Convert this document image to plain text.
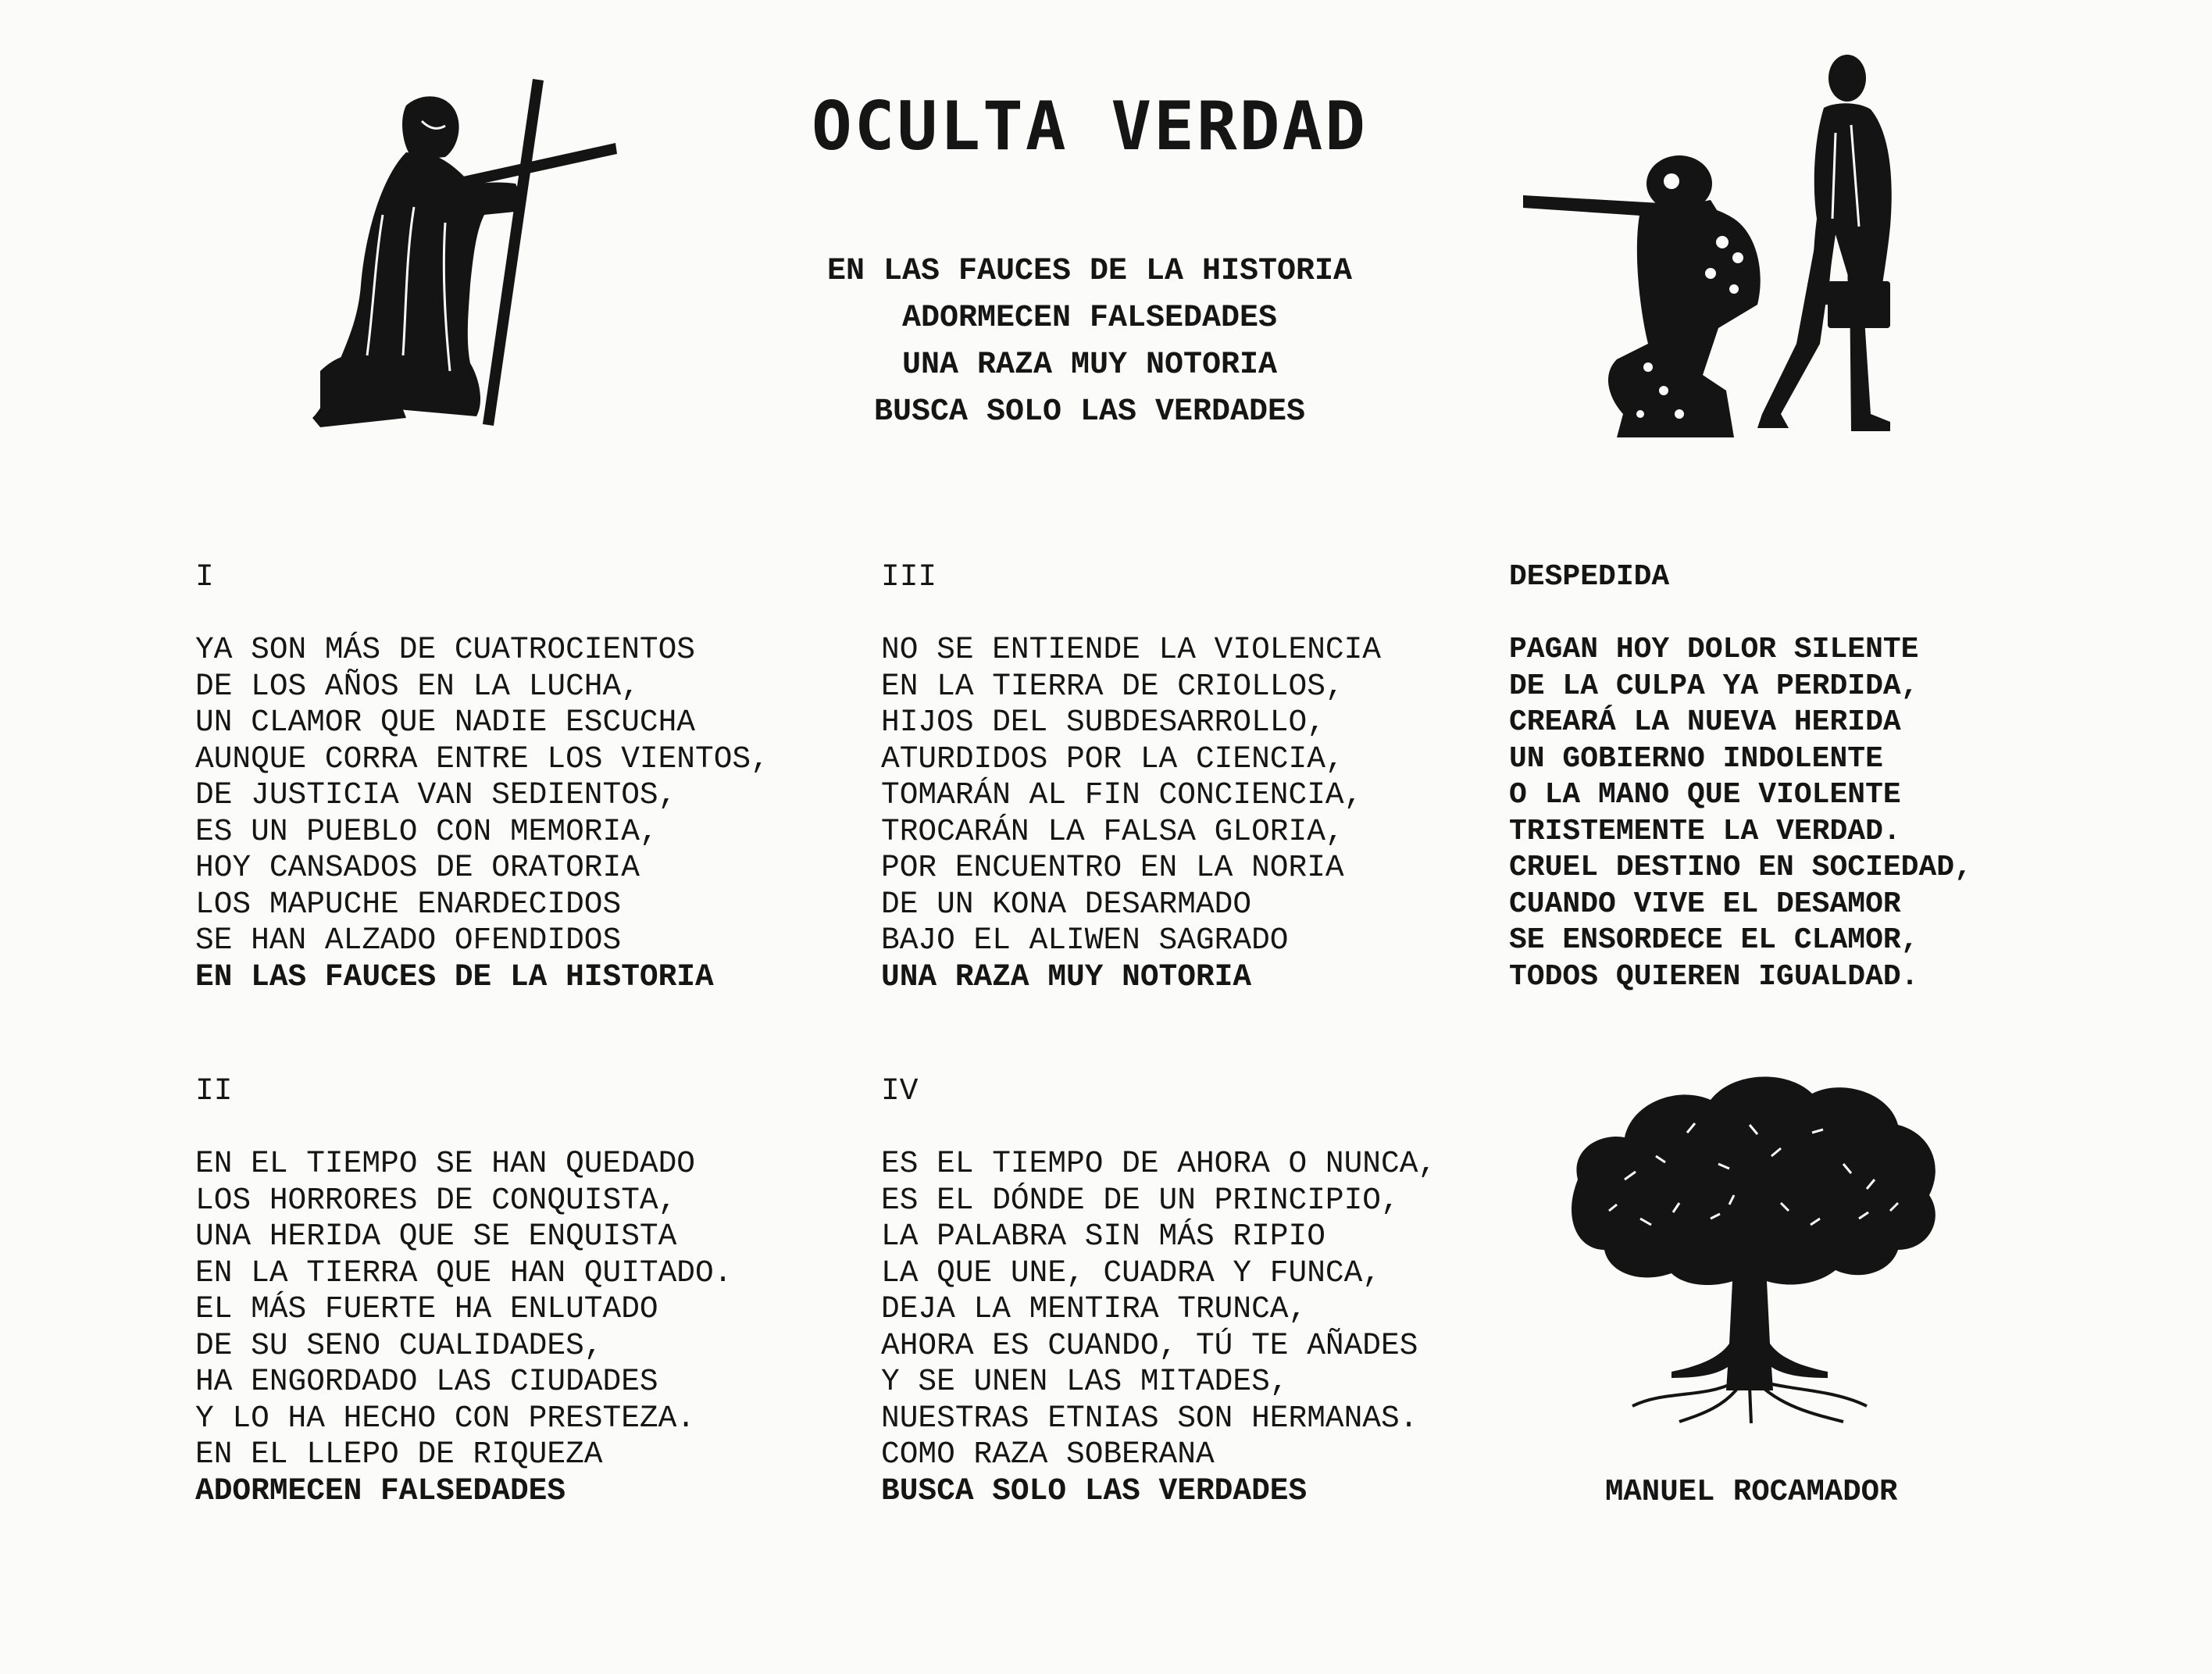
OCULTA VERDAD
EN LAS FAUCES DE LA HISTORIA
ADORMECEN FALSEDADES
UNA RAZA MUY NOTORIA
BUSCA SOLO LAS VERDADES
I
YA SON MÁS DE CUATROCIENTOS
DE LOS AÑOS EN LA LUCHA,
UN CLAMOR QUE NADIE ESCUCHA
AUNQUE CORRA ENTRE LOS VIENTOS,
DE JUSTICIA VAN SEDIENTOS,
ES UN PUEBLO CON MEMORIA,
HOY CANSADOS DE ORATORIA
LOS MAPUCHE ENARDECIDOS
SE HAN ALZADO OFENDIDOS
EN LAS FAUCES DE LA HISTORIA
II
EN EL TIEMPO SE HAN QUEDADO
LOS HORRORES DE CONQUISTA,
UNA HERIDA QUE SE ENQUISTA
EN LA TIERRA QUE HAN QUITADO.
EL MÁS FUERTE HA ENLUTADO
DE SU SENO CUALIDADES,
HA ENGORDADO LAS CIUDADES
Y LO HA HECHO CON PRESTEZA.
EN EL LLEPO DE RIQUEZA
ADORMECEN FALSEDADES
III
NO SE ENTIENDE LA VIOLENCIA
EN LA TIERRA DE CRIOLLOS,
HIJOS DEL SUBDESARROLLO,
ATURDIDOS POR LA CIENCIA,
TOMARÁN AL FIN CONCIENCIA,
TROCARÁN LA FALSA GLORIA,
POR ENCUENTRO EN LA NORIA
DE UN KONA DESARMADO
BAJO EL ALIWEN SAGRADO
UNA RAZA MUY NOTORIA
IV
ES EL TIEMPO DE AHORA O NUNCA,
ES EL DÓNDE DE UN PRINCIPIO,
LA PALABRA SIN MÁS RIPIO
LA QUE UNE, CUADRA Y FUNCA,
DEJA LA MENTIRA TRUNCA,
AHORA ES CUANDO, TÚ TE AÑADES
Y SE UNEN LAS MITADES,
NUESTRAS ETNIAS SON HERMANAS.
COMO RAZA SOBERANA
BUSCA SOLO LAS VERDADES
DESPEDIDA
PAGAN HOY DOLOR SILENTE
DE LA CULPA YA PERDIDA,
CREARÁ LA NUEVA HERIDA
UN GOBIERNO INDOLENTE
O LA MANO QUE VIOLENTE
TRISTEMENTE LA VERDAD.
CRUEL DESTINO EN SOCIEDAD,
CUANDO VIVE EL DESAMOR
SE ENSORDECE EL CLAMOR,
TODOS QUIEREN IGUALDAD.
MANUEL ROCAMADOR
